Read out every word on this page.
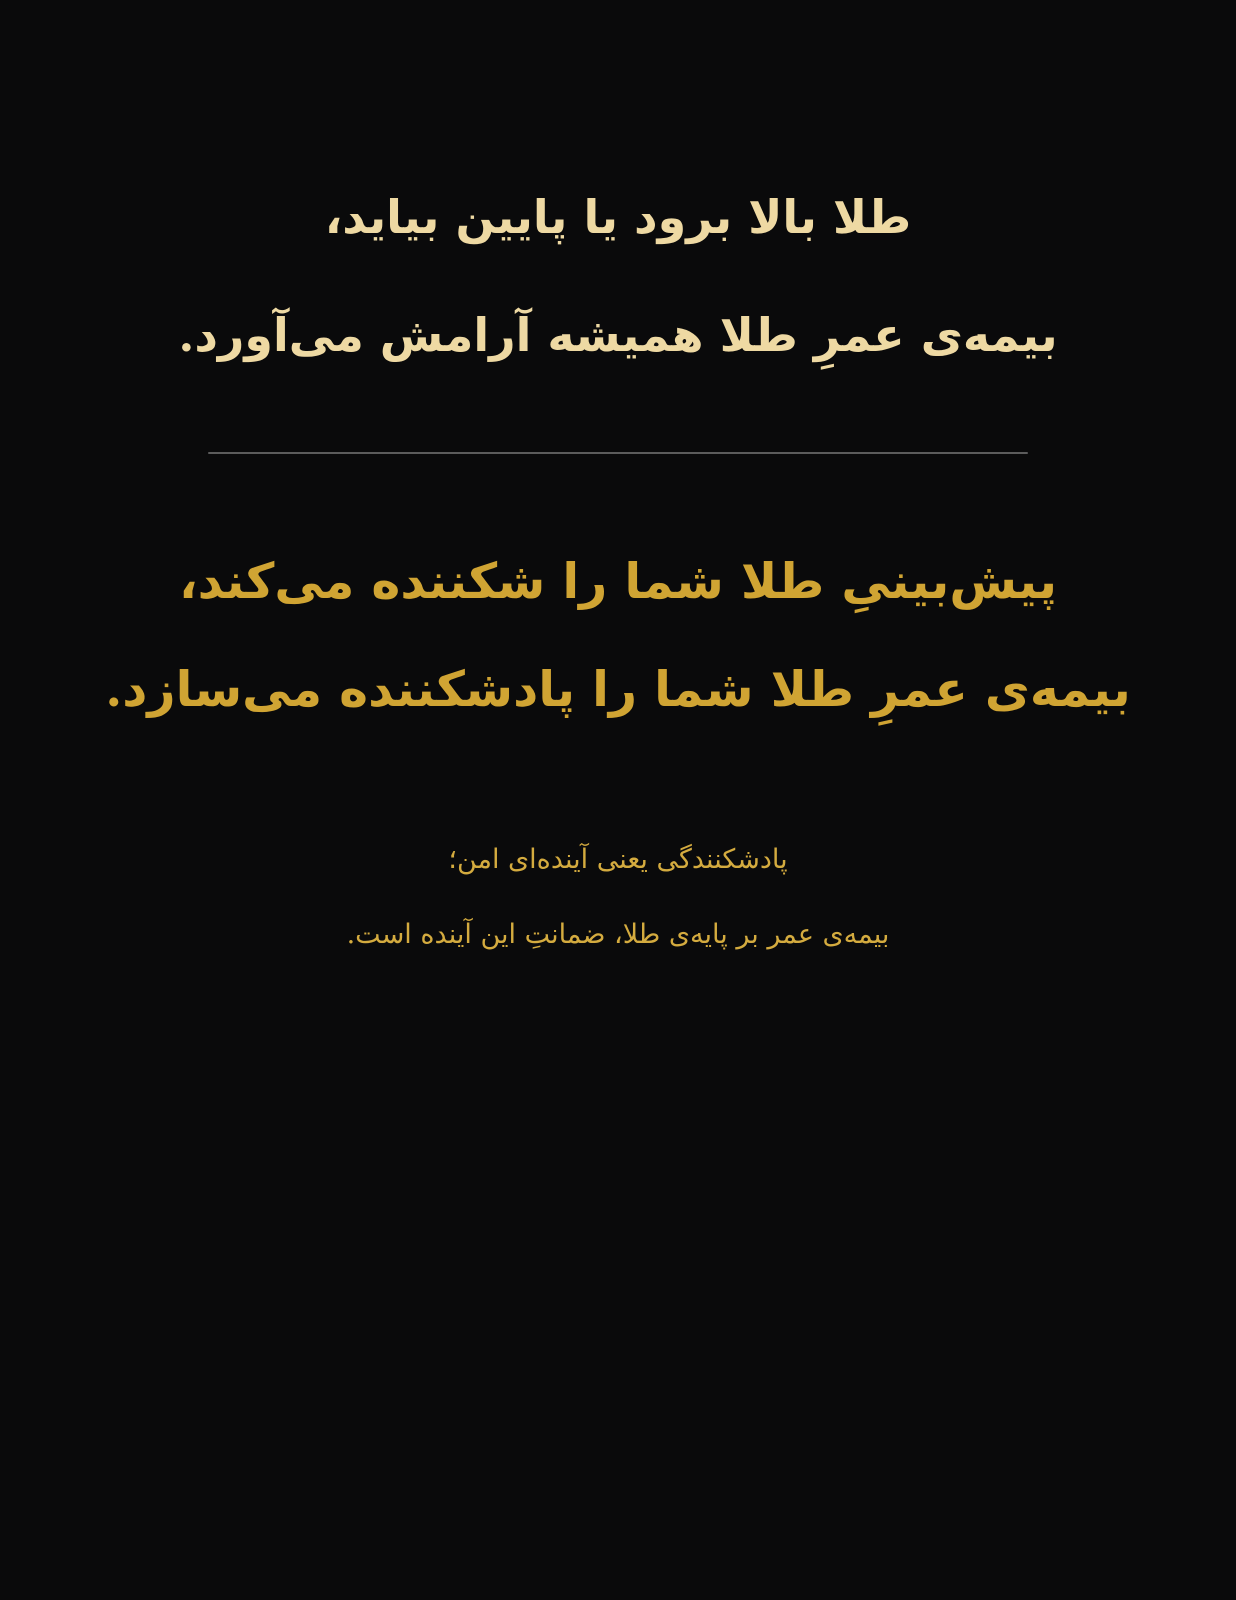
طلا بالا برود یا پایین بیاید،
بیمه‌ی عمرِ طلا همیشه آرامش می‌آورد.
پیش‌بینیِ طلا شما را شکننده می‌کند،
بیمه‌ی عمرِ طلا شما را پادشکننده می‌سازد.
پادشکنندگی یعنی آینده‌ای امن؛
بیمه‌ی عمر بر پایه‌ی طلا، ضمانتِ این آینده است.
